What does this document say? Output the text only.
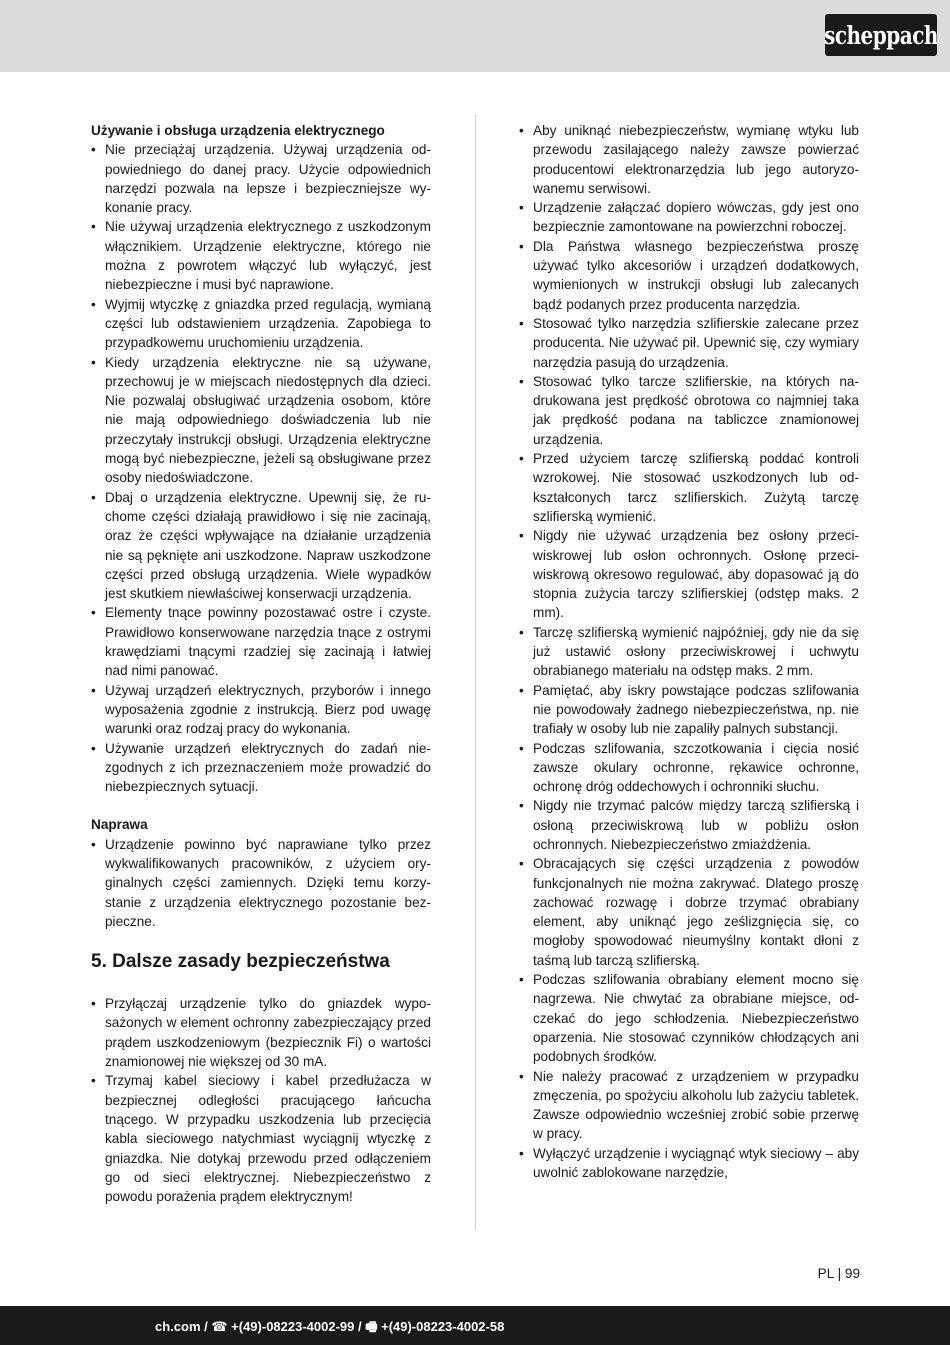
scheppach

Używanie i obsługa urządzenia elektrycznego

• Nie przeciążaj urządzenia. Używaj urządzenia odpowiedniego do danej pracy. Użycie odpowiednich narzędzi pozwala na lepsze i bezpieczniejsze wykonanie pracy.
• Nie używaj urządzenia elektrycznego z uszkodzonym włącznikiem. Urządzenie elektryczne, którego nie można z powrotem włączyć lub wyłączyć, jest niebezpieczne i musi być naprawione.
• Wyjmij wtyczkę z gniazdka przed regulacją, wymianą części lub odstawieniem urządzenia. Zapobiega to przypadkowemu uruchomieniu urządzenia.
• Kiedy urządzenia elektryczne nie są używane, przechowuj je w miejscach niedostępnych dla dzieci. Nie pozwalaj obsługiwać urządzenia osobom, które nie mają odpowiedniego doświadczenia lub nie przeczytały instrukcji obsługi. Urządzenia elektryczne mogą być niebezpieczne, jeżeli są obsługiwane przez osoby niedoświadczone.
• Dbaj o urządzenia elektryczne. Upewnij się, że ruchome części działają prawidłowo i się nie zacinają, oraz że części wpływające na działanie urządzenia nie są pęknięte ani uszkodzone. Napraw uszkodzone części przed obsługą urządzenia. Wiele wypadków jest skutkiem niewłaściwej konserwacji urządzenia.
• Elementy tnące powinny pozostawać ostre i czyste. Prawidłowo konserwowane narzędzia tnące z ostrymi krawędziami tnącymi rzadziej się zacinają i łatwiej nad nimi panować.
• Używaj urządzeń elektrycznych, przyborów i innego wyposażenia zgodnie z instrukcją. Bierz pod uwagę warunki oraz rodzaj pracy do wykonania.
• Używanie urządzeń elektrycznych do zadań niezgodnych z ich przeznaczeniem może prowadzić do niebezpiecznych sytuacji.

Naprawa

• Urządzenie powinno być naprawiane tylko przez wykwalifikowanych pracowników, z użyciem oryginalnych części zamiennych. Dzięki temu korzystanie z urządzenia elektrycznego pozostanie bezpieczne.
5. Dalsze zasady bezpieczeństwa
• Przyłączaj urządzenie tylko do gniazdek wyposażonych w element ochronny zabezpieczający przed prądem uszkodzeniowym (bezpiecznik Fi) o wartości znamionowej nie większej od 30 mA.
• Trzymaj kabel sieciowy i kabel przedłużacza w bezpiecznej odległości pracującego łańcucha tnącego. W przypadku uszkodzenia lub przecięcia kabla sieciowego natychmiast wyciągnij wtyczkę z gniazdka. Nie dotykaj przewodu przed odłączeniem go od sieci elektrycznej. Niebezpieczeństwo z powodu porażenia prądem elektrycznym!
• Aby uniknąć niebezpieczeństw, wymianę wtyku lub przewodu zasilającego należy zawsze powierzać producentowi elektronarzędzia lub jego autoryzowanemu serwisowi.
• Urządzenie załączać dopiero wówczas, gdy jest ono bezpiecznie zamontowane na powierzchni roboczej.
• Dla Państwa własnego bezpieczeństwa proszę używać tylko akcesoriów i urządzeń dodatkowych, wymienionych w instrukcji obsługi lub zalecanych bądź podanych przez producenta narzędzia.
• Stosować tylko narzędzia szlifierskie zalecane przez producenta. Nie używać pił. Upewnić się, czy wymiary narzędzia pasują do urządzenia.
• Stosować tylko tarcze szlifierskie, na których nadrukowana jest prędkość obrotowa co najmniej taka jak prędkość podana na tabliczce znamionowej urządzenia.
• Przed użyciem tarczę szlifierską poddać kontroli wzrokowej. Nie stosować uszkodzonych lub odkształconych tarcz szlifierskich. Zużytą tarczę szlifierską wymienić.
• Nigdy nie używać urządzenia bez osłony przeciwiskrowej lub osłon ochronnych. Osłonę przeciwiskrową okresowo regulować, aby dopasować ją do stopnia zużycia tarczy szlifierskiej (odstęp maks. 2 mm).
• Tarczę szlifierską wymienić najpóźniej, gdy nie da się już ustawić osłony przeciwiskrowej i uchwytu obrabianego materiału na odstęp maks. 2 mm.
• Pamiętać, aby iskry powstające podczas szlifowania nie powodowały żadnego niebezpieczeństwa, np. nie trafiały w osoby lub nie zapaliły palnych substancji.
• Podczas szlifowania, szczotkowania i cięcia nosić zawsze okulary ochronne, rękawice ochronne, ochronę dróg oddechowych i ochronniki słuchu.
• Nigdy nie trzymać palców między tarczą szlifierską i osłoną przeciwiskrową lub w pobliżu osłon ochronnych. Niebezpieczeństwo zmiażdżenia.
• Obracających się części urządzenia z powodów funkcjonalnych nie można zakrywać. Dlatego proszę zachować rozwagę i dobrze trzymać obrabiany element, aby uniknąć jego ześlizgnięcia się, co mogłoby spowodować nieumyślny kontakt dłoni z taśmą lub tarczą szlifierską.
• Podczas szlifowania obrabiany element mocno się nagrzewa. Nie chwytać za obrabiane miejsce, odczekać do jego schłodzenia. Niebezpieczeństwo oparzenia. Nie stosować czynników chłodzących ani podobnych środków.
• Nie należy pracować z urządzeniem w przypadku zmęczenia, po spożyciu alkoholu lub zażyciu tabletek. Zawsze odpowiednio wcześniej zrobić sobie przerwę w pracy.
• Wyłączyć urządzenie i wyciągnąć wtyk sieciowy – aby uwolnić zablokowane narzędzie,
PL | 99
ch.com / ☎ +(49)-08223-4002-99 / 🖷 +(49)-08223-4002-58
